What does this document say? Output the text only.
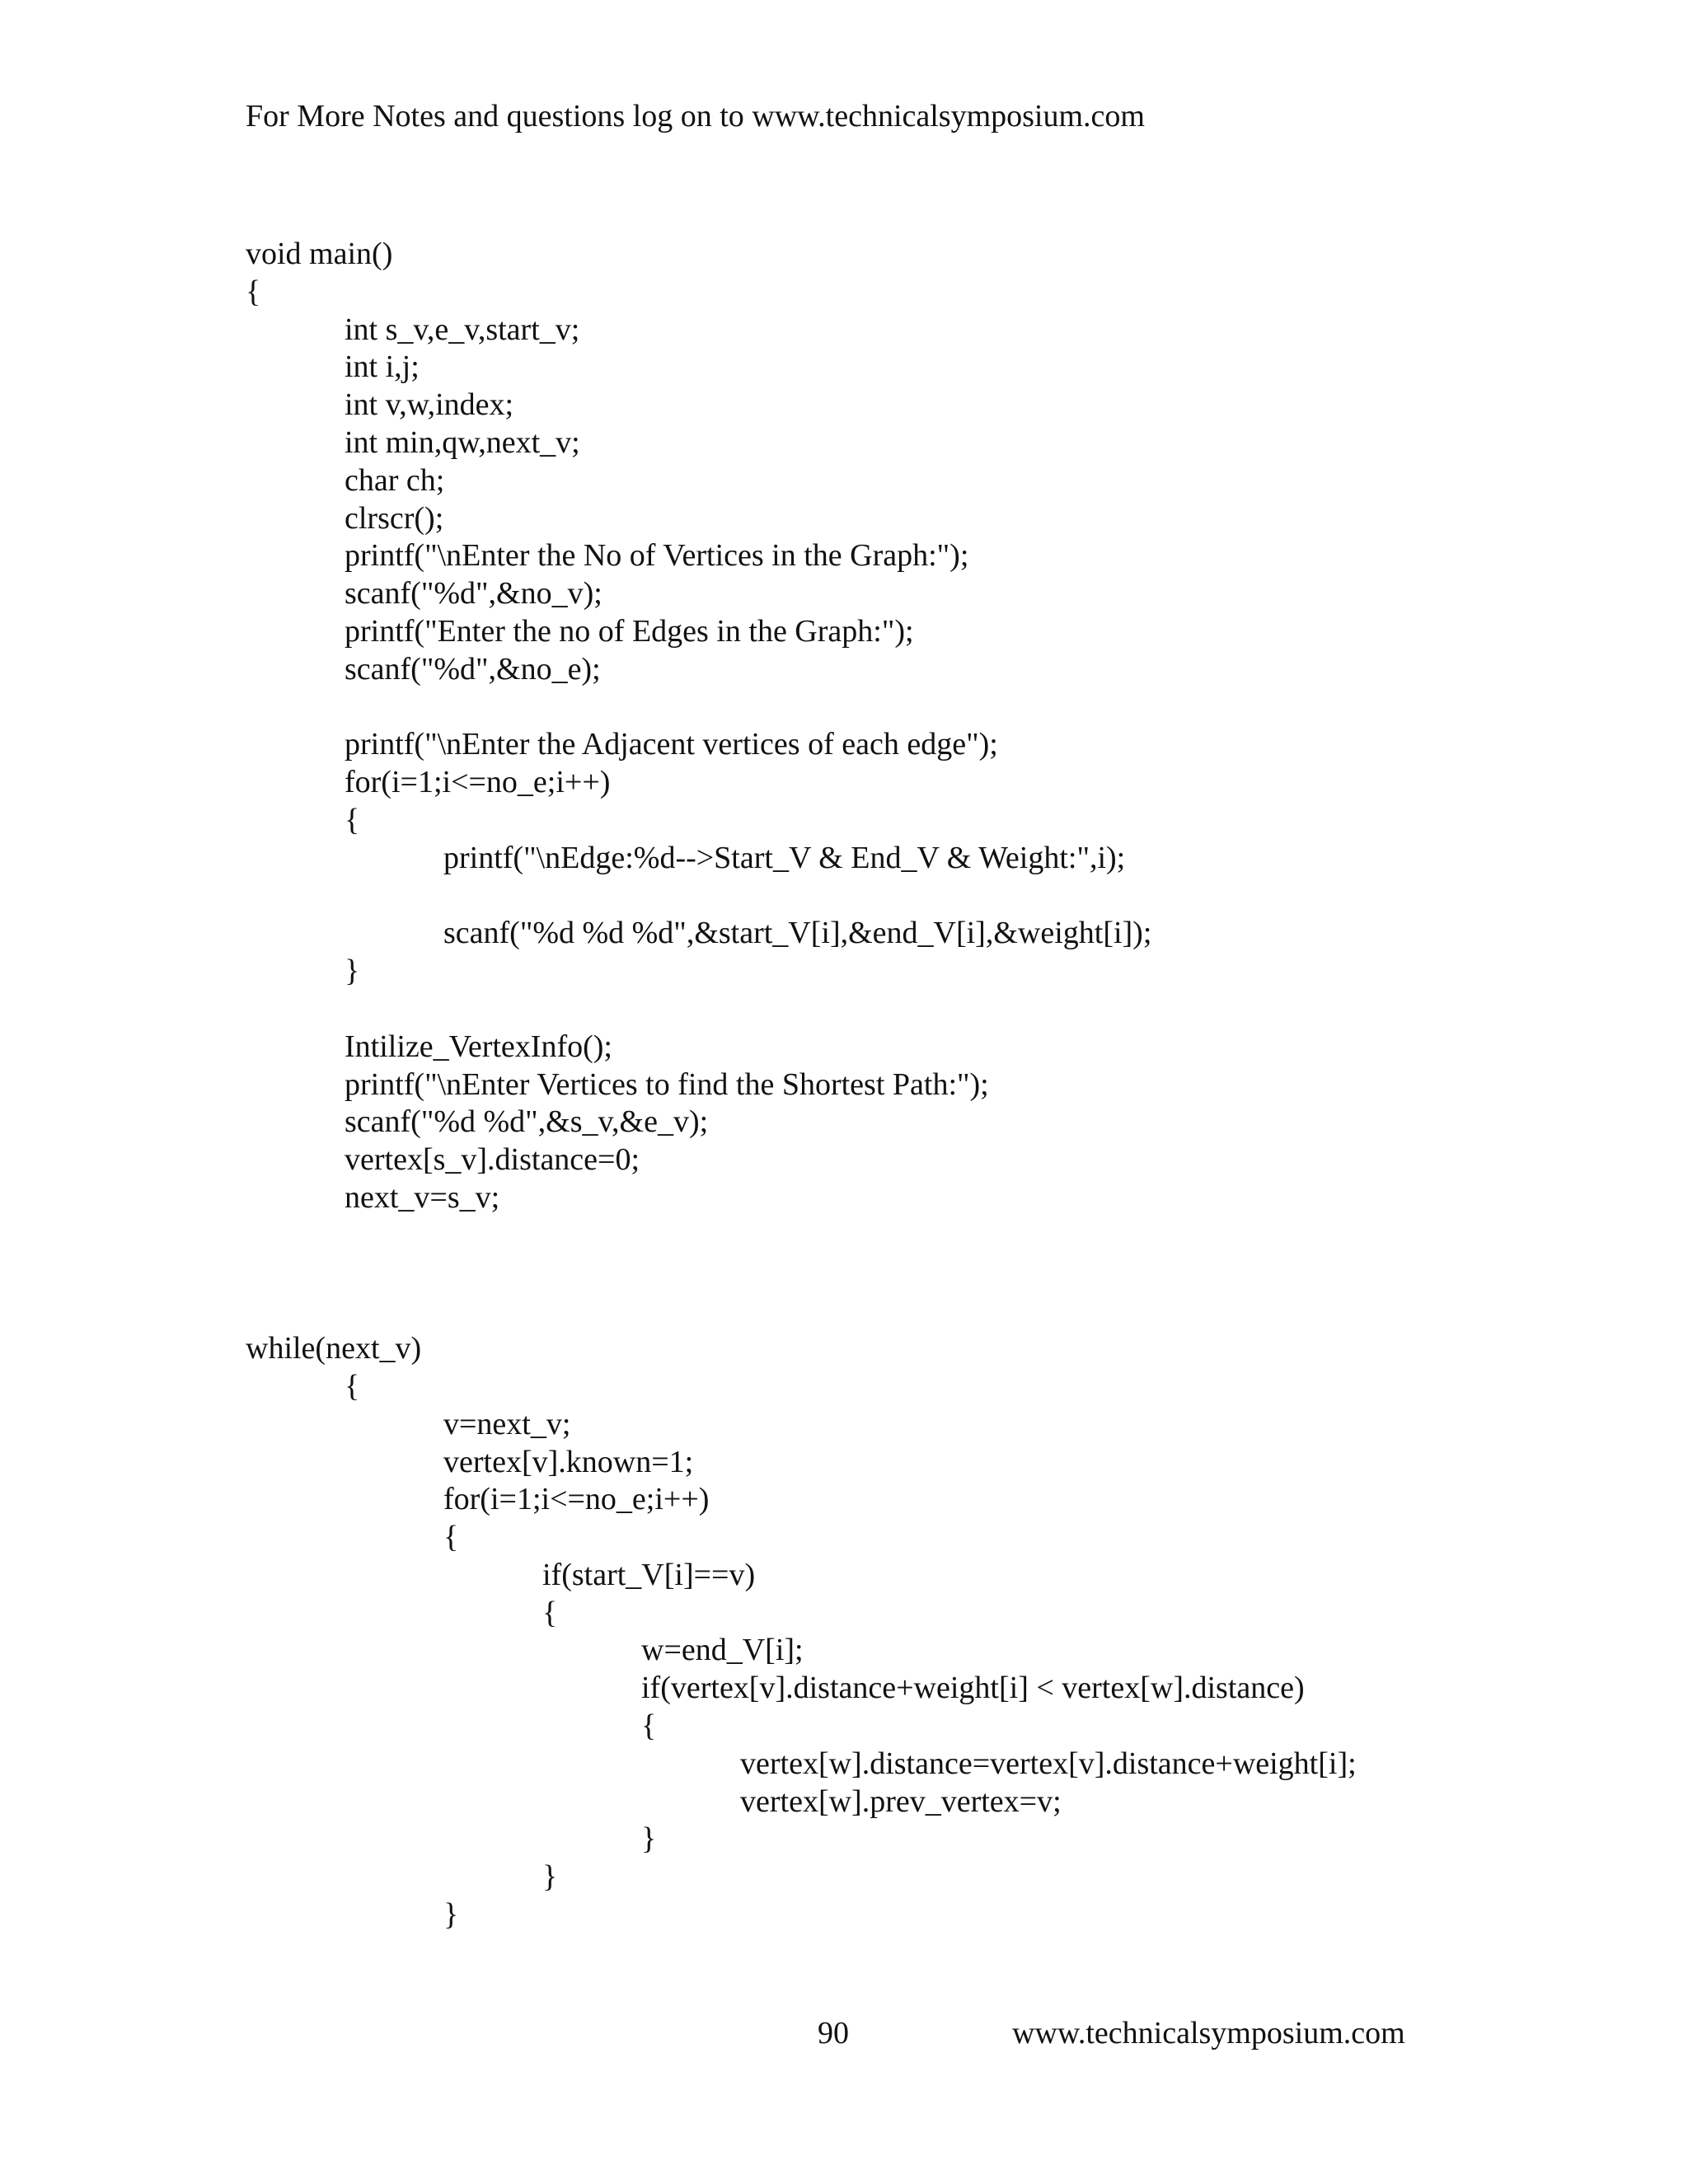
For More Notes and questions log on to www.technicalsymposium.com
void main()
{
int s_v,e_v,start_v;
int i,j;
int v,w,index;
int min,qw,next_v;
char ch;
clrscr();
printf("\nEnter the No of Vertices in the Graph:");
scanf("%d",&no_v);
printf("Enter the no of Edges in the Graph:");
scanf("%d",&no_e);
printf("\nEnter the Adjacent vertices of each edge");
for(i=1;i<=no_e;i++)
{
printf("\nEdge:%d-->Start_V & End_V & Weight:",i);
scanf("%d %d %d",&start_V[i],&end_V[i],&weight[i]);
}
Intilize_VertexInfo();
printf("\nEnter Vertices to find the Shortest Path:");
scanf("%d %d",&s_v,&e_v);
vertex[s_v].distance=0;
next_v=s_v;
while(next_v)
{
v=next_v;
vertex[v].known=1;
for(i=1;i<=no_e;i++)
{
if(start_V[i]==v)
{
w=end_V[i];
if(vertex[v].distance+weight[i] < vertex[w].distance)
{
vertex[w].distance=vertex[v].distance+weight[i];
vertex[w].prev_vertex=v;
}
}
}
90	www.technicalsymposium.com
